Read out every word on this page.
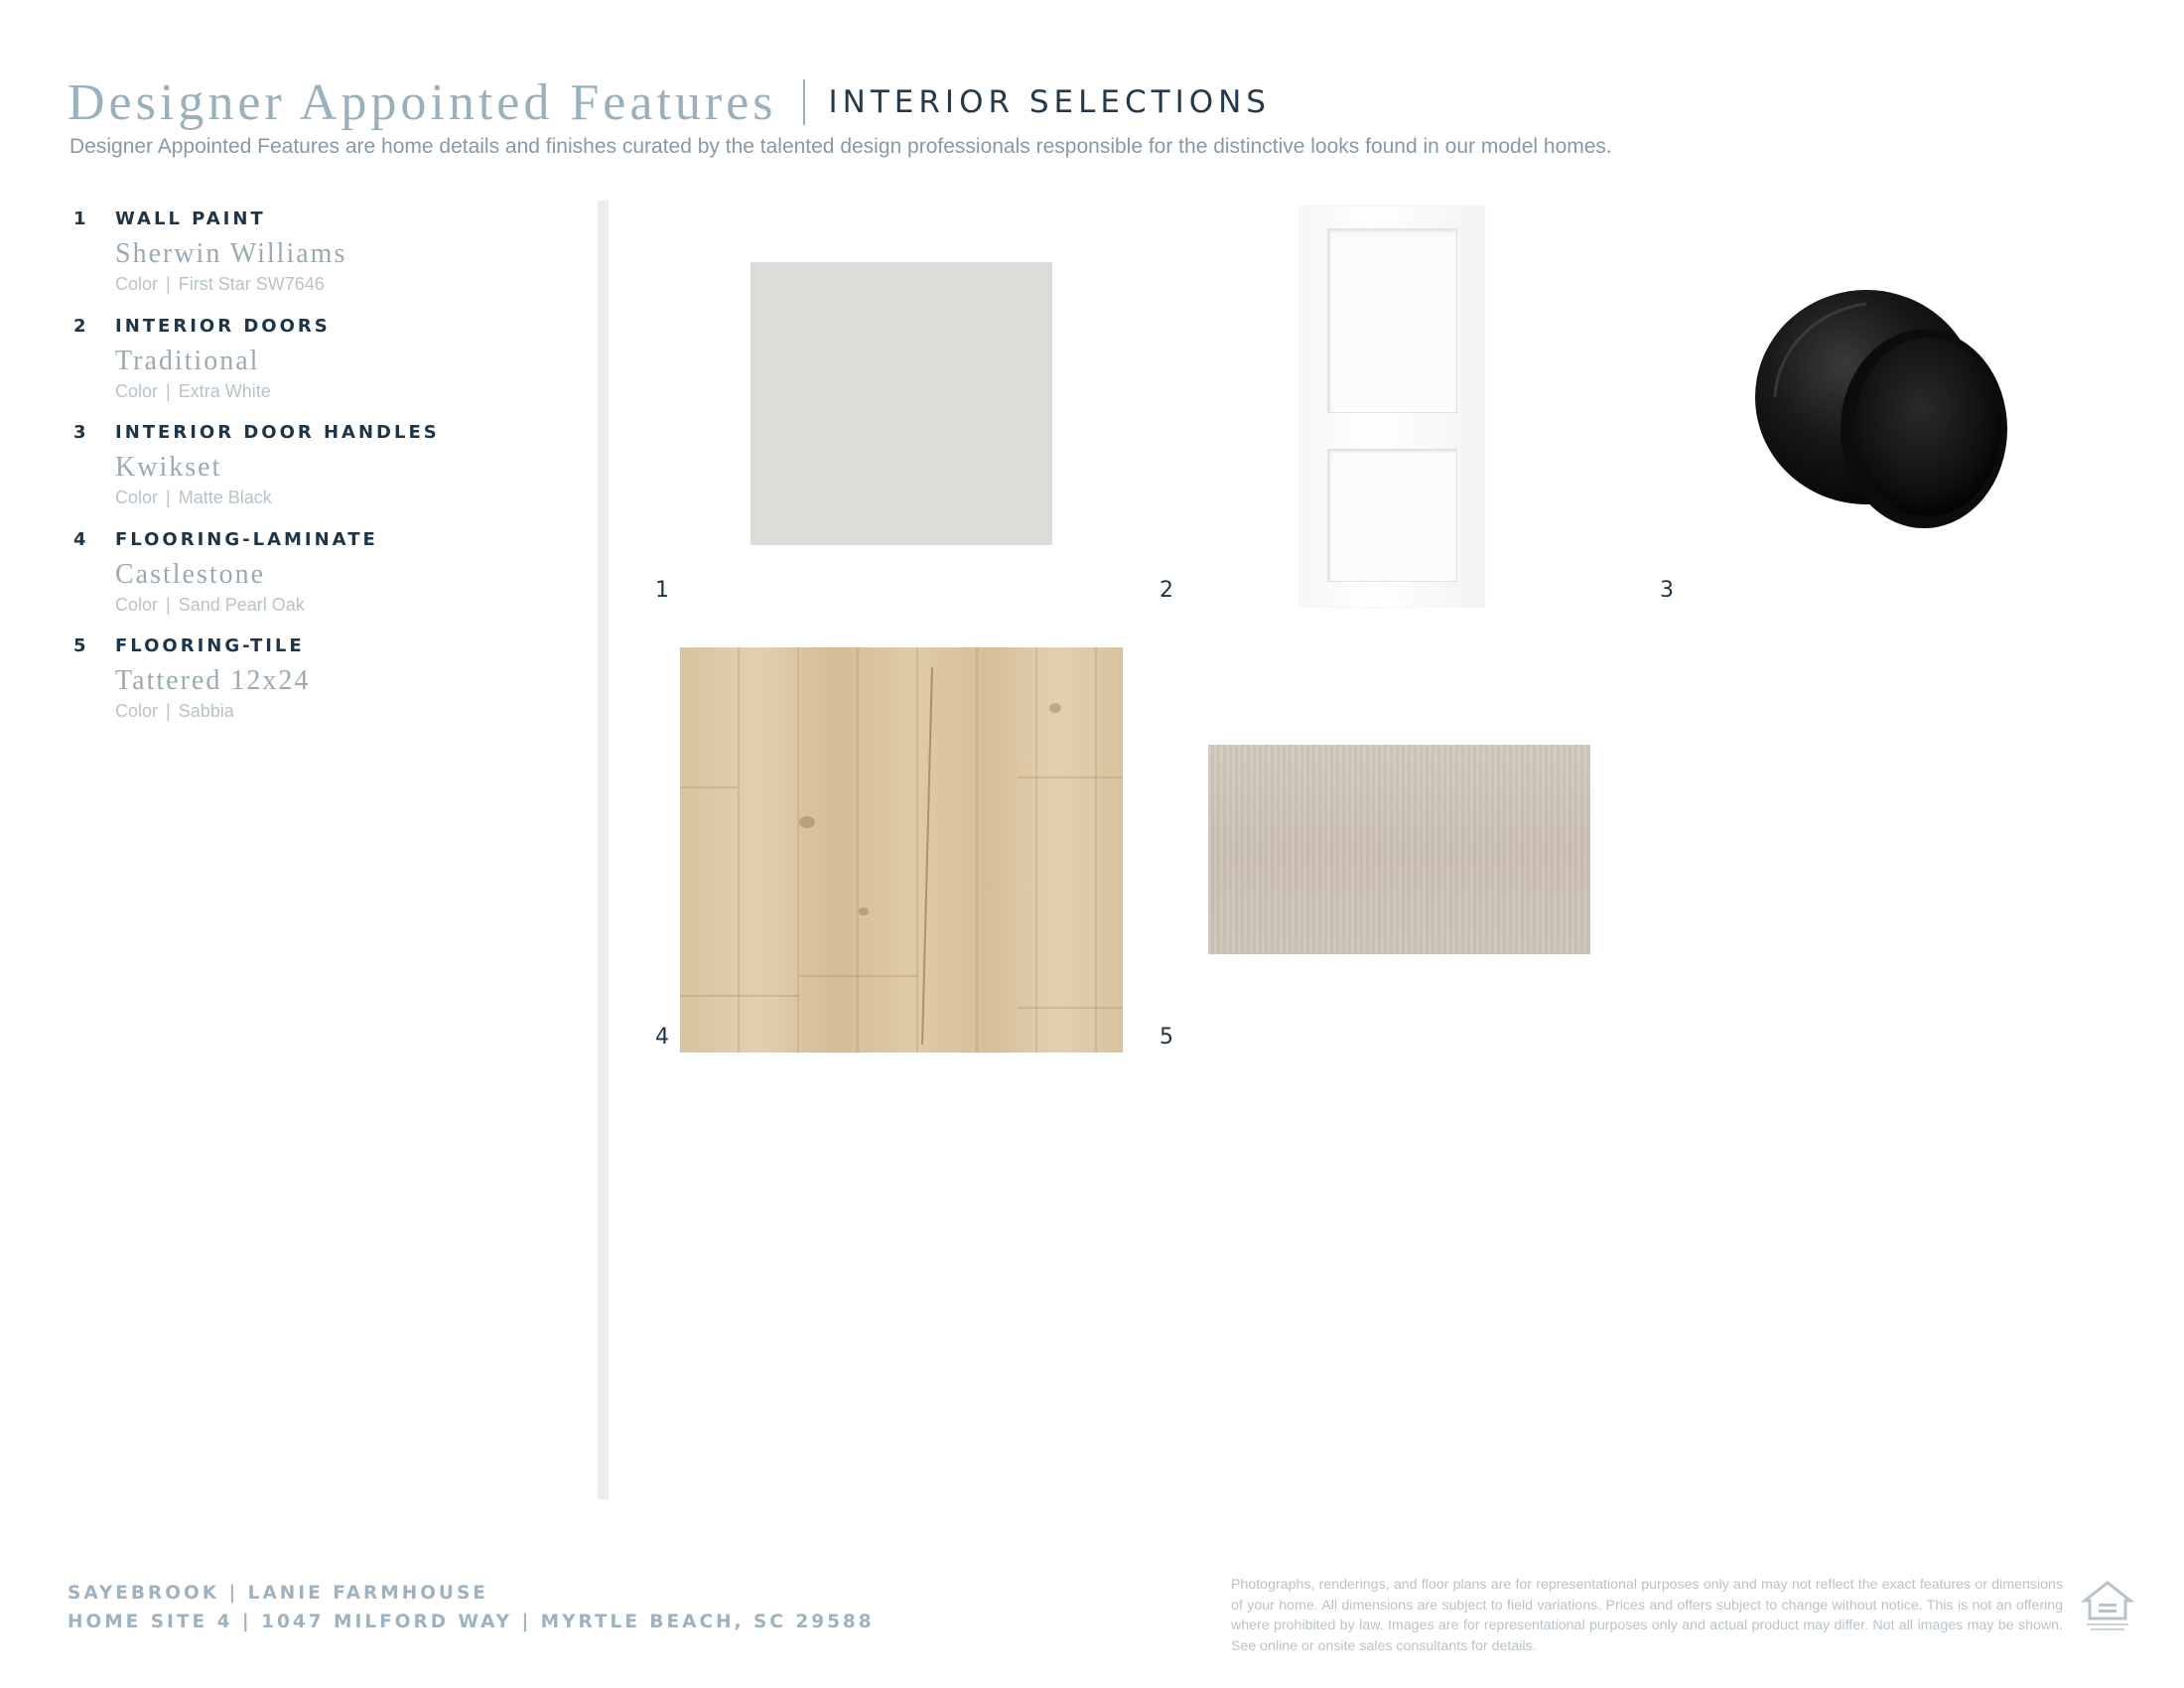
Designer Appointed Features INTERIOR SELECTIONS
Designer Appointed Features are home details and finishes curated by the talented design professionals responsible for the distinctive looks found in our model homes.
1 WALL PAINT
Sherwin Williams
Color | First Star SW7646
2 INTERIOR DOORS
Traditional
Color | Extra White
3 INTERIOR DOOR HANDLES
Kwikset
Color | Matte Black
4 FLOORING-LAMINATE
Castlestone
Color | Sand Pearl Oak
5 FLOORING-TILE
Tattered 12x24
Color | Sabbia
1	2	3
4	5
SAYEBROOK | LANIE FARMHOUSE
HOME SITE 4 | 1047 MILFORD WAY | MYRTLE BEACH, SC 29588
Photographs, renderings, and floor plans are for representational purposes only and may not reflect the exact features or dimensions of your home. All dimensions are subject to field variations. Prices and offers subject to change without notice. This is not an offering where prohibited by law. Images are for representational purposes only and actual product may differ. Not all images may be shown. See online or onsite sales consultants for details.
